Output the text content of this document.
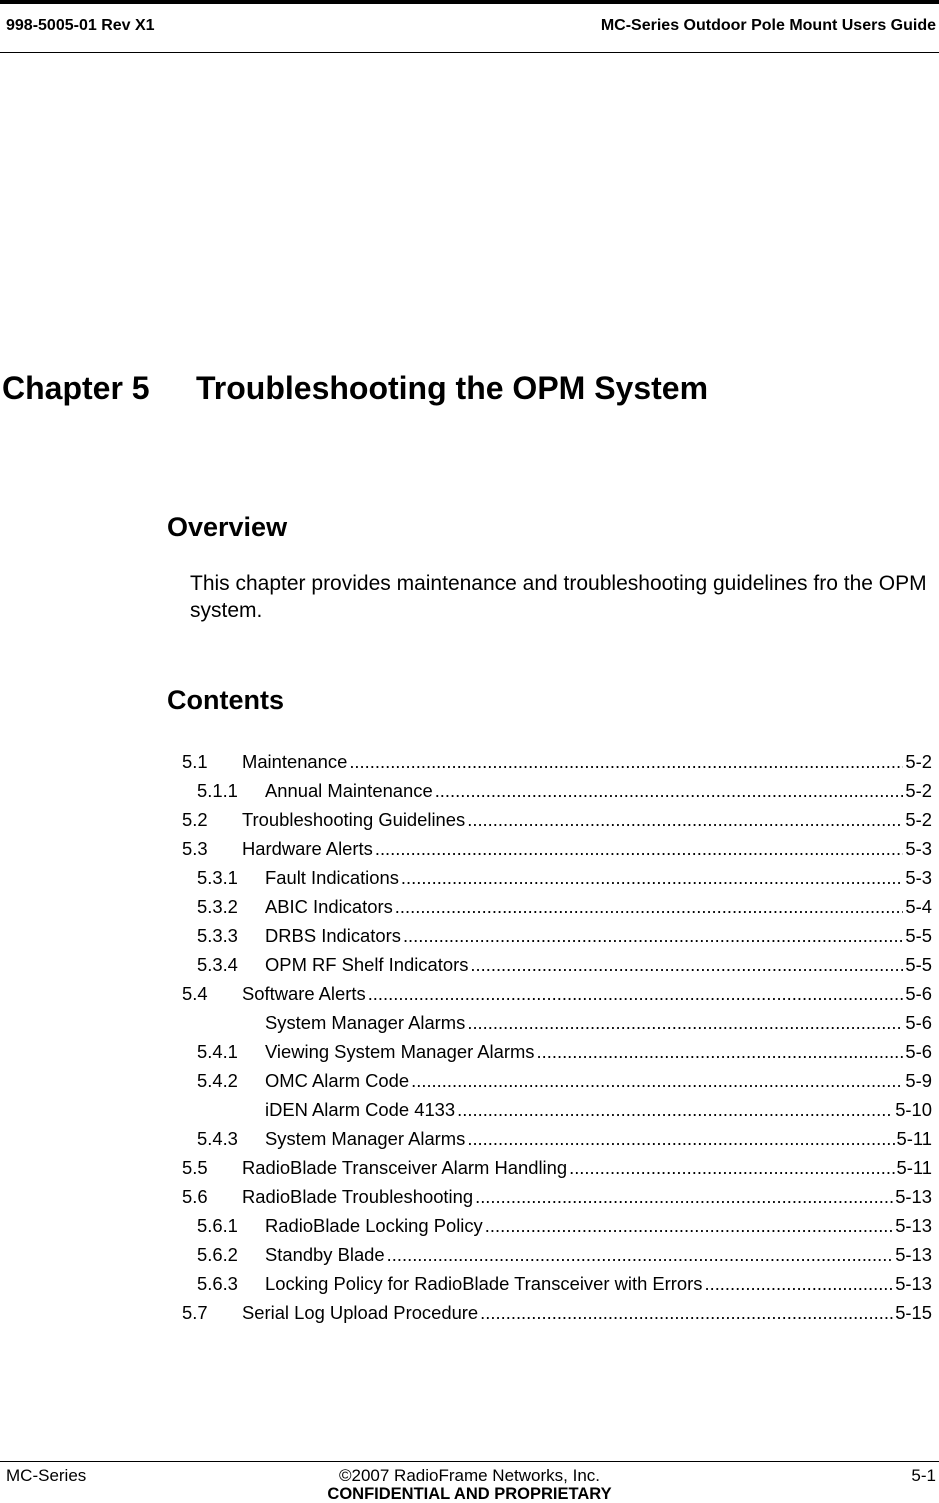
998-5005-01 Rev X1	MC-Series Outdoor Pole Mount Users Guide
Chapter 5 Troubleshooting the OPM System
Overview
This chapter provides maintenance and troubleshooting guidelines fro the OPM system.
Contents
5.1	Maintenance .....	5-2
5.1.1	Annual Maintenance .....	5-2
5.2	Troubleshooting Guidelines .....	5-2
5.3	Hardware Alerts .....	5-3
5.3.1	Fault Indications .....	5-3
5.3.2	ABIC Indicators .....	5-4
5.3.3	DRBS Indicators .....	5-5
5.3.4	OPM RF Shelf Indicators .....	5-5
5.4	Software Alerts .....	5-6
System Manager Alarms .....	5-6
5.4.1	Viewing System Manager Alarms .....	5-6
5.4.2	OMC Alarm Code .....	5-9
iDEN Alarm Code 4133 .....	5-10
5.4.3	System Manager Alarms .....	5-11
5.5	RadioBlade Transceiver Alarm Handling .....	5-11
5.6	RadioBlade Troubleshooting .....	5-13
5.6.1	RadioBlade Locking Policy .....	5-13
5.6.2	Standby Blade .....	5-13
5.6.3	Locking Policy for RadioBlade Transceiver with Errors .....	5-13
5.7	Serial Log Upload Procedure .....	5-15
MC-Series	©2007 RadioFrame Networks, Inc.
CONFIDENTIAL AND PROPRIETARY
5-1
